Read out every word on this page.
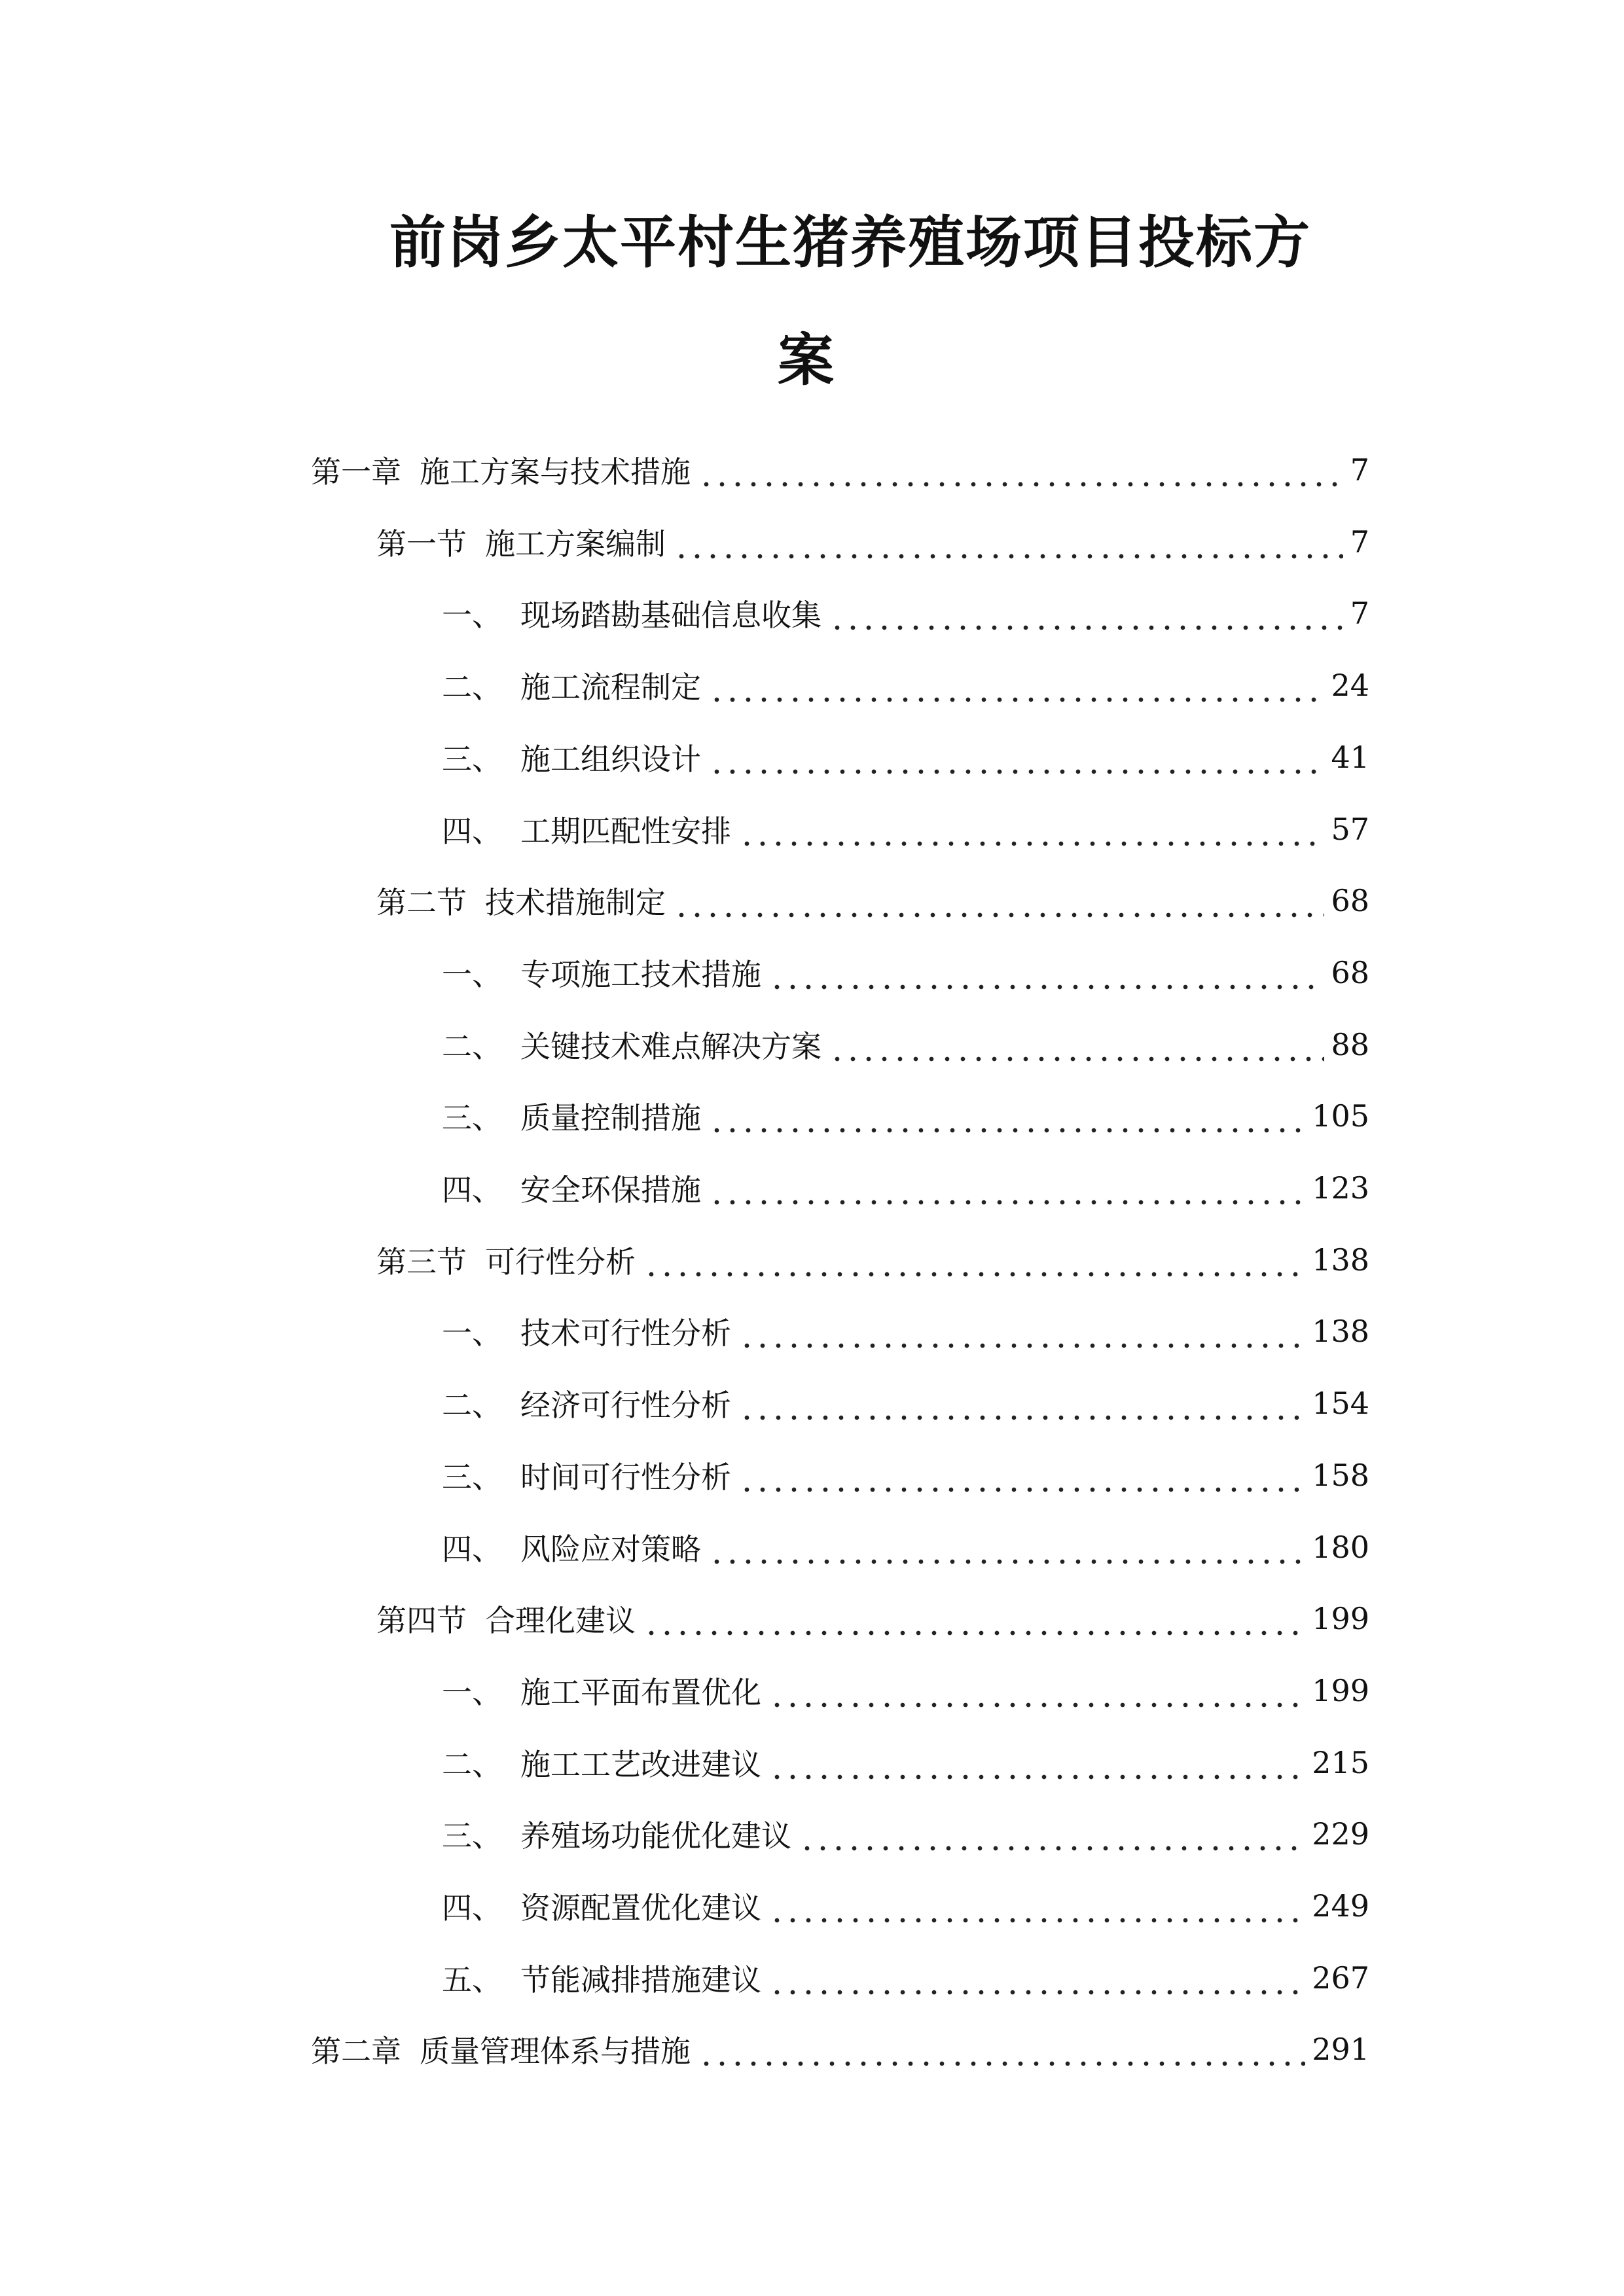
前岗乡太平村生猪养殖场项目投标方
案
第一章 施工方案与技术措施	7
第一节 施工方案编制	7
一、 现场踏勘基础信息收集	7
二、 施工流程制定	24
三、 施工组织设计	41
四、 工期匹配性安排	57
第二节 技术措施制定	68
一、 专项施工技术措施	68
二、 关键技术难点解决方案	88
三、 质量控制措施	105
四、 安全环保措施	123
第三节 可行性分析	138
一、 技术可行性分析	138
二、 经济可行性分析	154
三、 时间可行性分析	158
四、 风险应对策略	180
第四节 合理化建议	199
一、 施工平面布置优化	199
二、 施工工艺改进建议	215
三、 养殖场功能优化建议	229
四、 资源配置优化建议	249
五、 节能减排措施建议	267
第二章 质量管理体系与措施	291
